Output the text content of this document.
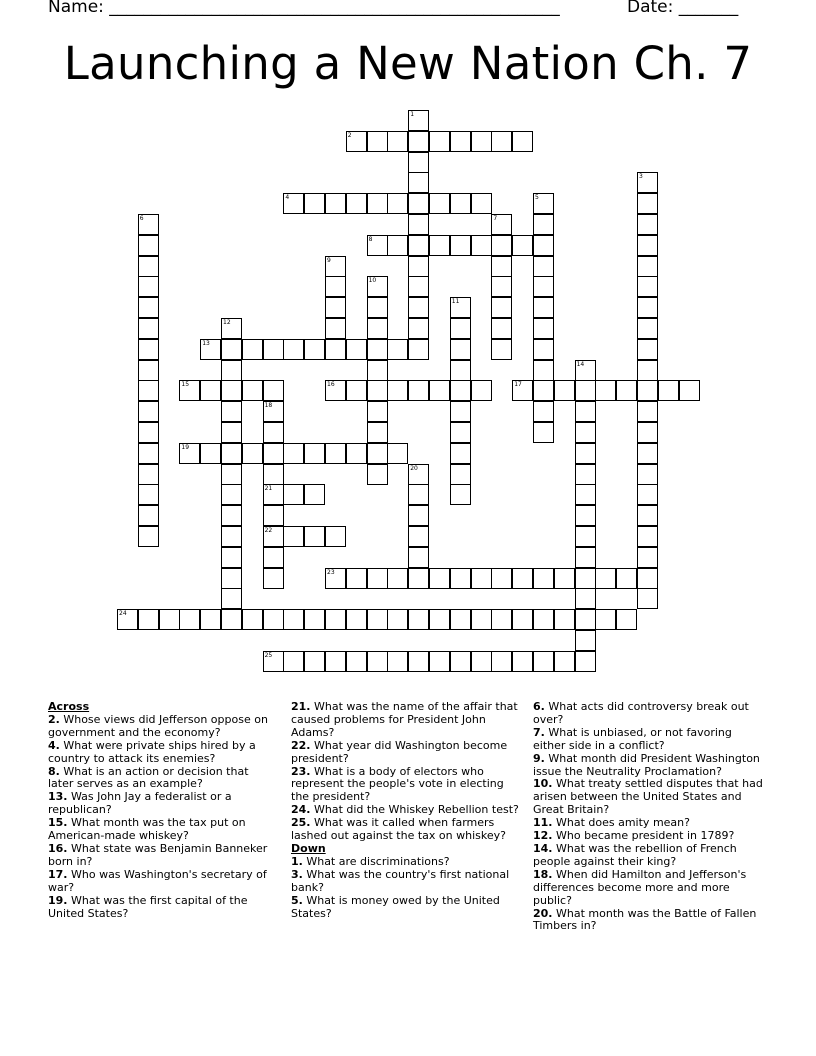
Name: _____________________________________________________	Date: _______
Launching a New Nation Ch. 7
1
2
3
4	5
6	7
8
9
10
11
12
13
14
15	16	17
18
19
20
21
22
23
24
25
Across
2. Whose views did Jefferson oppose on government and the economy?
4. What were private ships hired by a country to attack its enemies?
8. What is an action or decision that later serves as an example?
13. Was John Jay a federalist or a republican?
15. What month was the tax put on American-made whiskey?
16. What state was Benjamin Banneker born in?
17. Who was Washington's secretary of war?
19. What was the first capital of the United States?
21. What was the name of the affair that caused problems for President John Adams?
22. What year did Washington become president?
23. What is a body of electors who represent the people's vote in electing the president?
24. What did the Whiskey Rebellion test?
25. What was it called when farmers lashed out against the tax on whiskey?
Down
1. What are discriminations?
3. What was the country's first national bank?
5. What is money owed by the United States?
6. What acts did controversy break out over?
7. What is unbiased, or not favoring either side in a conflict?
9. What month did President Washington issue the Neutrality Proclamation?
10. What treaty settled disputes that had arisen between the United States and Great Britain?
11. What does amity mean?
12. Who became president in 1789?
14. What was the rebellion of French people against their king?
18. When did Hamilton and Jefferson's differences become more and more public?
20. What month was the Battle of Fallen Timbers in?
